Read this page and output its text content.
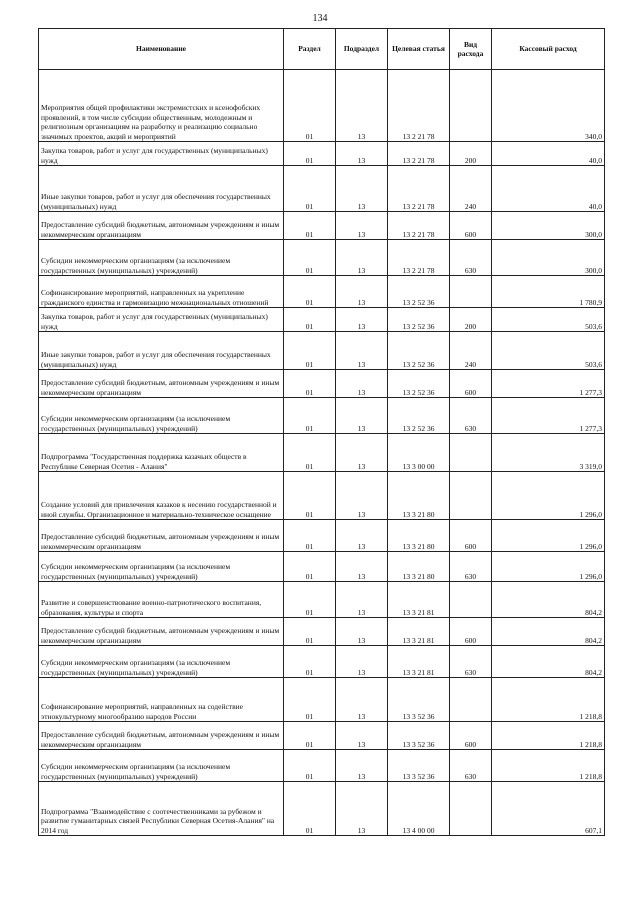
134
Наименование	Раздел	Подраздел	Целевая статья	Вид расхода	Кассовый расход
Мероприятия общей профилактики экстремистских и ксенофобских проявлений, в том числе субсидии общественным, молодежным и религиозным организациям на разработку и реализацию социально значимых проектов, акций и мероприятий	01	13	13 2 21 78		340,0
Закупка товаров, работ и услуг для государственных (муниципальных) нужд	01	13	13 2 21 78	200	40,0
Иные закупки товаров, работ и услуг для обеспечения государственных (муниципальных) нужд	01	13	13 2 21 78	240	40,0
Предоставление субсидий бюджетным, автономным учреждениям и иным некоммерческим организациям	01	13	13 2 21 78	600	300,0
Субсидии некоммерческим организациям (за исключением государственных (муниципальных) учреждений)	01	13	13 2 21 78	630	300,0
Софинансирование мероприятий, направленных на укрепление гражданского единства и гармонизацию межнациональных отношений	01	13	13 2 52 36		1 780,9
Закупка товаров, работ и услуг для государственных (муниципальных) нужд	01	13	13 2 52 36	200	503,6
Иные закупки товаров, работ и услуг для обеспечения государственных (муниципальных) нужд	01	13	13 2 52 36	240	503,6
Предоставление субсидий бюджетным, автономным учреждениям и иным некоммерческим организациям	01	13	13 2 52 36	600	1 277,3
Субсидии некоммерческим организациям (за исключением государственных (муниципальных) учреждений)	01	13	13 2 52 36	630	1 277,3
Подпрограмма "Государственная поддержка казачьих обществ в Республике Северная Осетия - Алания"	01	13	13 3 00 00		3 319,0
Создание условий для привлечения казаков к несению государственной и иной службы. Организационное и материально-техническое оснащение	01	13	13 3 21 80		1 296,0
Предоставление субсидий бюджетным, автономным учреждениям и иным некоммерческим организациям	01	13	13 3 21 80	600	1 296,0
Субсидии некоммерческим организациям (за исключением государственных (муниципальных) учреждений)	01	13	13 3 21 80	630	1 296,0
Развитие и совершенствование военно-патриотического воспитания, образования, культуры и спорта	01	13	13 3 21 81		804,2
Предоставление субсидий бюджетным, автономным учреждениям и иным некоммерческим организациям	01	13	13 3 21 81	600	804,2
Субсидии некоммерческим организациям (за исключением государственных (муниципальных) учреждений)	01	13	13 3 21 81	630	804,2
Софинансирование мероприятий, направленных на содействие этнокультурному многообразию народов России	01	13	13 3 52 36		1 218,8
Предоставление субсидий бюджетным, автономным учреждениям и иным некоммерческим организациям	01	13	13 3 52 36	600	1 218,8
Субсидии некоммерческим организациям (за исключением государственных (муниципальных) учреждений)	01	13	13 3 52 36	630	1 218,8
Подпрограмма "Взаимодействие с соотечественниками за рубежом и развитие гуманитарных связей Республики Северная Осетия-Алания" на 2014 год	01	13	13 4 00 00		607,1
